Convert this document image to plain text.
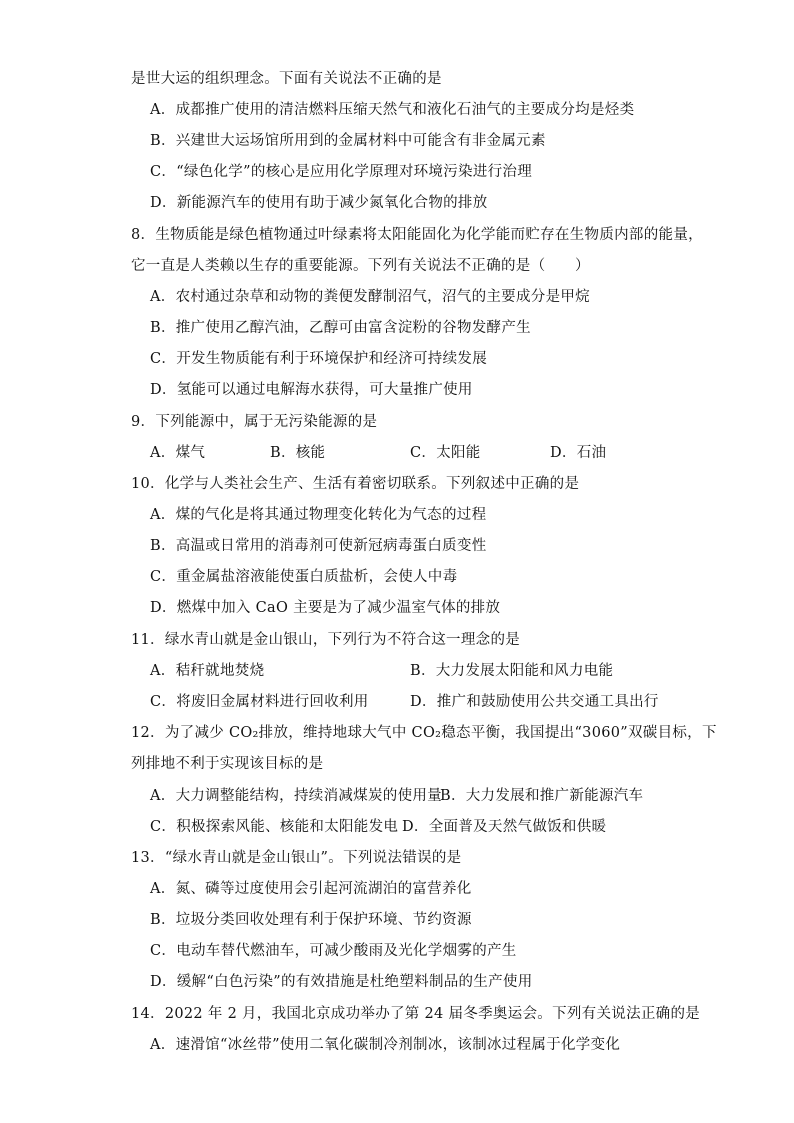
是世大运的组织理念。下面有关说法不正确的是
A．成都推广使用的清洁燃料压缩天然气和液化石油气的主要成分均是烃类
B．兴建世大运场馆所用到的金属材料中可能含有非金属元素
C．“绿色化学”的核心是应用化学原理对环境污染进行治理
D．新能源汽车的使用有助于减少氮氧化合物的排放
8．生物质能是绿色植物通过叶绿素将太阳能固化为化学能而贮存在生物质内部的能量，
它一直是人类赖以生存的重要能源。下列有关说法不正确的是（　　）
A．农村通过杂草和动物的粪便发酵制沼气，沼气的主要成分是甲烷
B．推广使用乙醇汽油，乙醇可由富含淀粉的谷物发酵产生
C．开发生物质能有利于环境保护和经济可持续发展
D．氢能可以通过电解海水获得，可大量推广使用
9．下列能源中，属于无污染能源的是
A．煤气	B．核能	C．太阳能	D．石油
10．化学与人类社会生产、生活有着密切联系。下列叙述中正确的是
A．煤的气化是将其通过物理变化转化为气态的过程
B．高温或日常用的消毒剂可使新冠病毒蛋白质变性
C．重金属盐溶液能使蛋白质盐析，会使人中毒
D．燃煤中加入 CaO 主要是为了减少温室气体的排放
11．绿水青山就是金山银山，下列行为不符合这一理念的是
A．秸秆就地焚烧	B．大力发展太阳能和风力电能
C．将废旧金属材料进行回收利用	D．推广和鼓励使用公共交通工具出行
12．为了减少 CO₂排放，维持地球大气中 CO₂稳态平衡，我国提出“3060”双碳目标，下
列排地不利于实现该目标的是
A．大力调整能结构，持续消减煤炭的使用量
B．大力发展和推广新能源汽车
C．积极探索风能、核能和太阳能发电 D．全面普及天然气做饭和供暖
13．“绿水青山就是金山银山”。下列说法错误的是
A．氮、磷等过度使用会引起河流湖泊的富营养化
B．垃圾分类回收处理有利于保护环境、节约资源
C．电动车替代燃油车，可减少酸雨及光化学烟雾的产生
D．缓解“白色污染”的有效措施是杜绝塑料制品的生产使用
14．2022 年 2 月，我国北京成功举办了第 24 届冬季奥运会。下列有关说法正确的是
A．速滑馆“冰丝带”使用二氧化碳制冷剂制冰，该制冰过程属于化学变化
